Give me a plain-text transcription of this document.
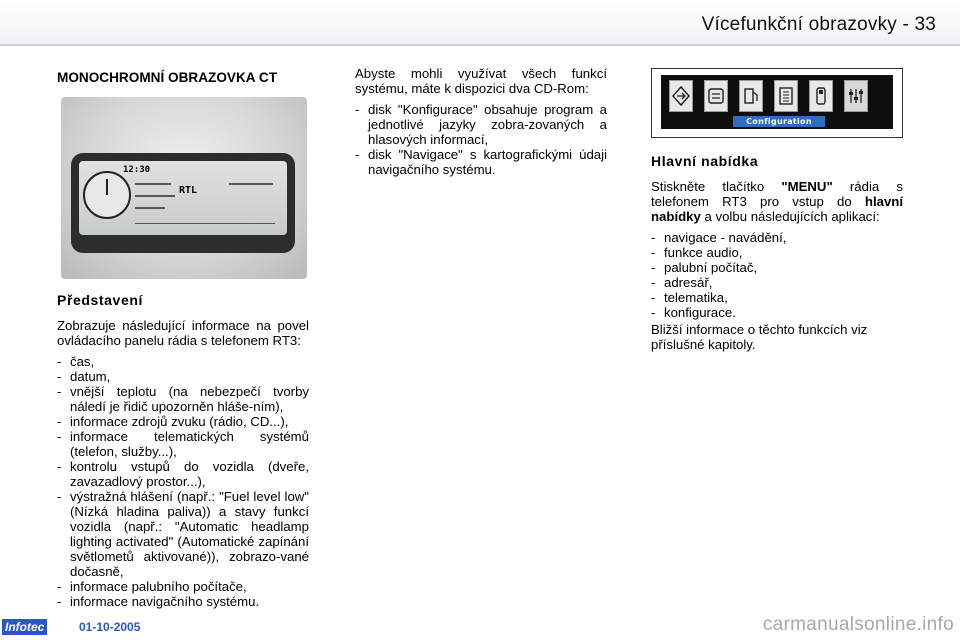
Vícefunkční obrazovky - 33
MONOCHROMNÍ OBRAZOVKA CT
12:30
RTL
Představení

Zobrazuje následující informace na povel ovládacího panelu rádia s telefonem RT3:

- čas,
- datum,
- vnější teplotu (na nebezpečí tvorby náledí je řidič upozorněn hláše-ním),
- informace zdrojů zvuku (rádio, CD...),
- informace telematických systémů (telefon, služby...),
- kontrolu vstupů do vozidla (dveře, zavazadlový prostor...),
- výstražná hlášení (např.: "Fuel level low" (Nízká hladina paliva)) a stavy funkcí vozidla (např.: "Automatic headlamp lighting activated" (Automatické zapínání světlometů aktivované)), zobrazo-vané dočasně,
- informace palubního počítače,
- informace navigačního systému.

Abyste mohli využívat všech funkcí systému, máte k dispozici dva CD-Rom:

- disk "Konfigurace" obsahuje program a jednotlivé jazyky zobra-zovaných a hlasových informací,
- disk "Navigace" s kartografickými údaji navigačního systému.
Configuration
Hlavní nabídka

Stiskněte tlačítko "MENU" rádia s telefonem RT3 pro vstup do hlavní nabídky a volbu následujících aplikací:

- navigace - navádění,
- funkce audio,
- palubní počítač,
- adresář,
- telematika,
- konfigurace.

Bližší informace o těchto funkcích viz příslušné kapitoly.

Infotec	01-10-2005	carmanualsonline.info
